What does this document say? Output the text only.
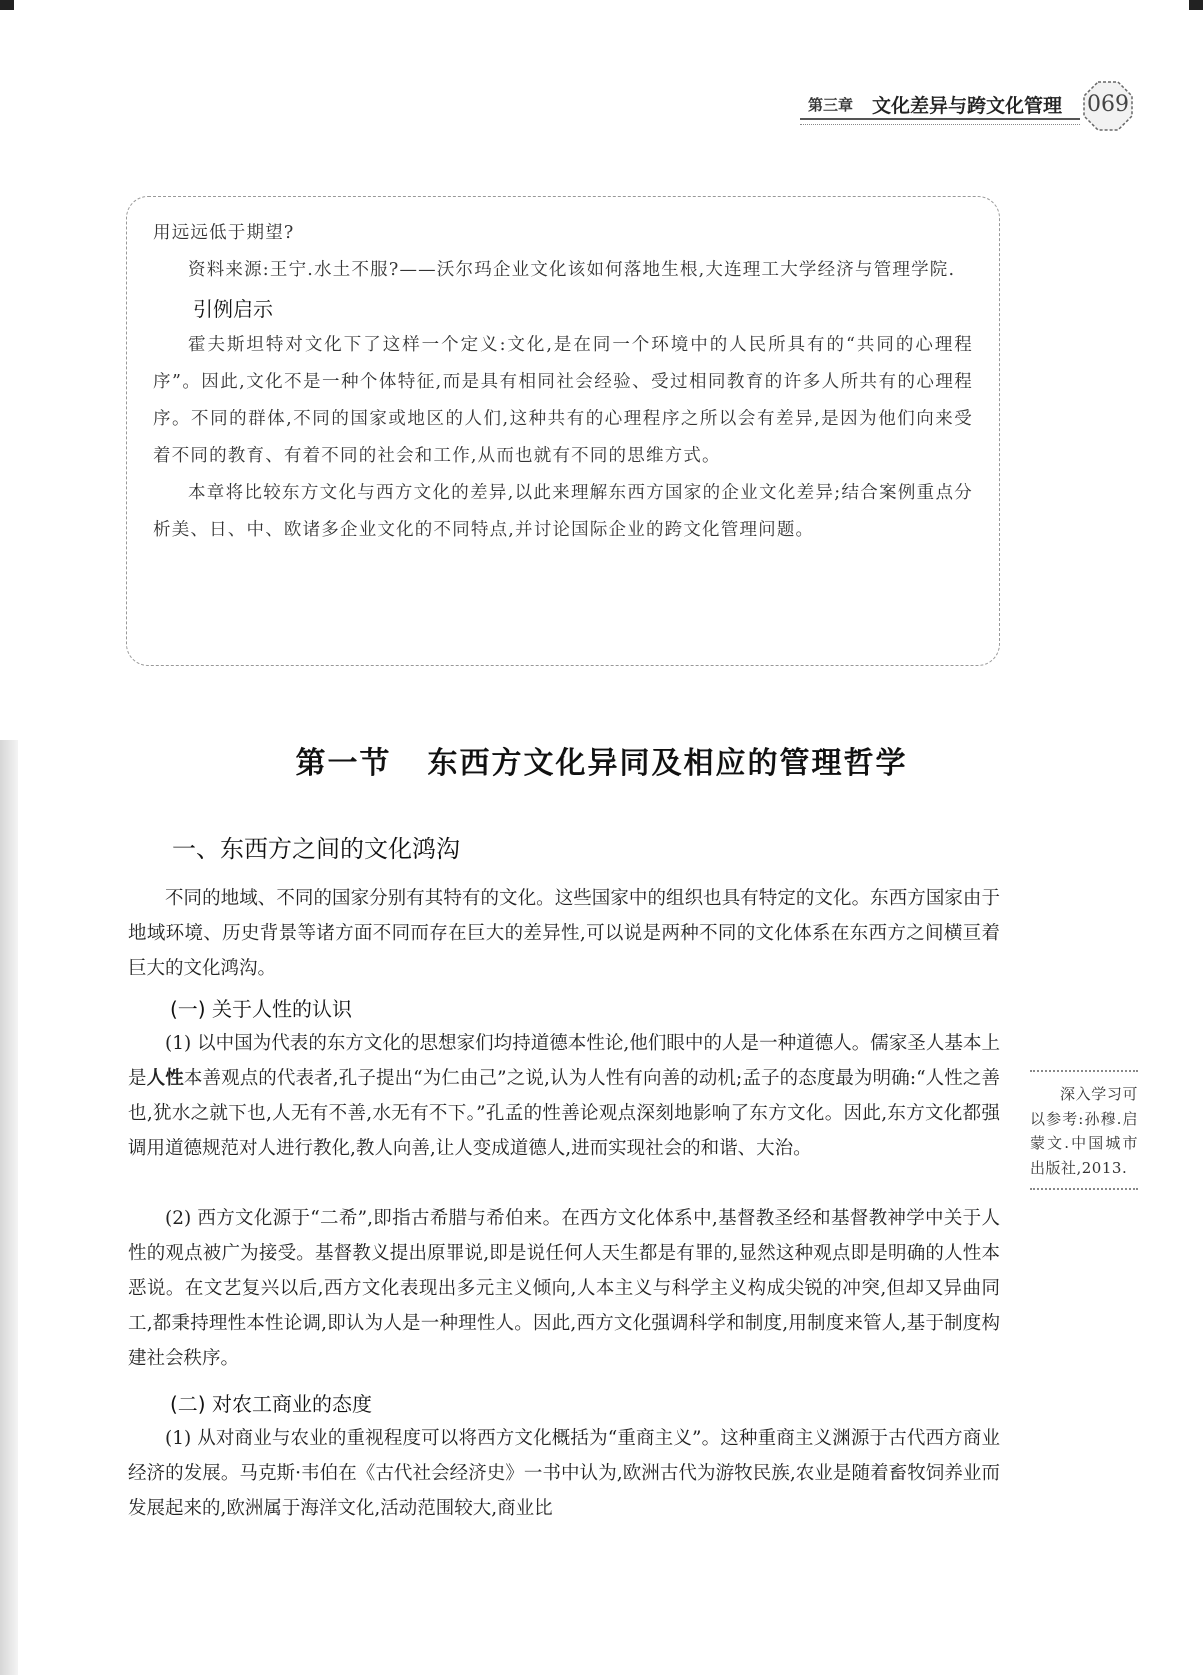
第三章 文化差异与跨文化管理 069

用远远低于期望?

资料来源:王宁.水土不服?——沃尔玛企业文化该如何落地生根,大连理工大学经济与管理学院.

引例启示

霍夫斯坦特对文化下了这样一个定义:文化,是在同一个环境中的人民所具有的“共同的心理程序”。因此,文化不是一种个体特征,而是具有相同社会经验、受过相同教育的许多人所共有的心理程序。不同的群体,不同的国家或地区的人们,这种共有的心理程序之所以会有差异,是因为他们向来受着不同的教育、有着不同的社会和工作,从而也就有不同的思维方式。

本章将比较东方文化与西方文化的差异,以此来理解东西方国家的企业文化差异;结合案例重点分析美、日、中、欧诸多企业文化的不同特点,并讨论国际企业的跨文化管理问题。

第一节 东西方文化异同及相应的管理哲学
一、东西方之间的文化鸿沟

不同的地域、不同的国家分别有其特有的文化。这些国家中的组织也具有特定的文化。东西方国家由于地域环境、历史背景等诸方面不同而存在巨大的差异性,可以说是两种不同的文化体系在东西方之间横亘着巨大的文化鸿沟。

(一) 关于人性的认识

(1) 以中国为代表的东方文化的思想家们均持道德本性论,他们眼中的人是一种道德人。儒家圣人基本上是人性本善观点的代表者,孔子提出“为仁由己”之说,认为人性有向善的动机;孟子的态度最为明确:“人性之善也,犹水之就下也,人无有不善,水无有不下。”孔孟的性善论观点深刻地影响了东方文化。因此,东方文化都强调用道德规范对人进行教化,教人向善,让人变成道德人,进而实现社会的和谐、大治。

(2) 西方文化源于“二希”,即指古希腊与希伯来。在西方文化体系中,基督教圣经和基督教神学中关于人性的观点被广为接受。基督教义提出原罪说,即是说任何人天生都是有罪的,显然这种观点即是明确的人性本恶说。在文艺复兴以后,西方文化表现出多元主义倾向,人本主义与科学主义构成尖锐的冲突,但却又异曲同工,都秉持理性本性论调,即认为人是一种理性人。因此,西方文化强调科学和制度,用制度来管人,基于制度构建社会秩序。

(二) 对农工商业的态度

(1) 从对商业与农业的重视程度可以将西方文化概括为“重商主义”。这种重商主义渊源于古代西方商业经济的发展。马克斯·韦伯在《古代社会经济史》一书中认为,欧洲古代为游牧民族,农业是随着畜牧饲养业而发展起来的,欧洲属于海洋文化,活动范围较大,商业比

深入学习可以参考:孙穆.启蒙文.中国城市出版社,2013.
